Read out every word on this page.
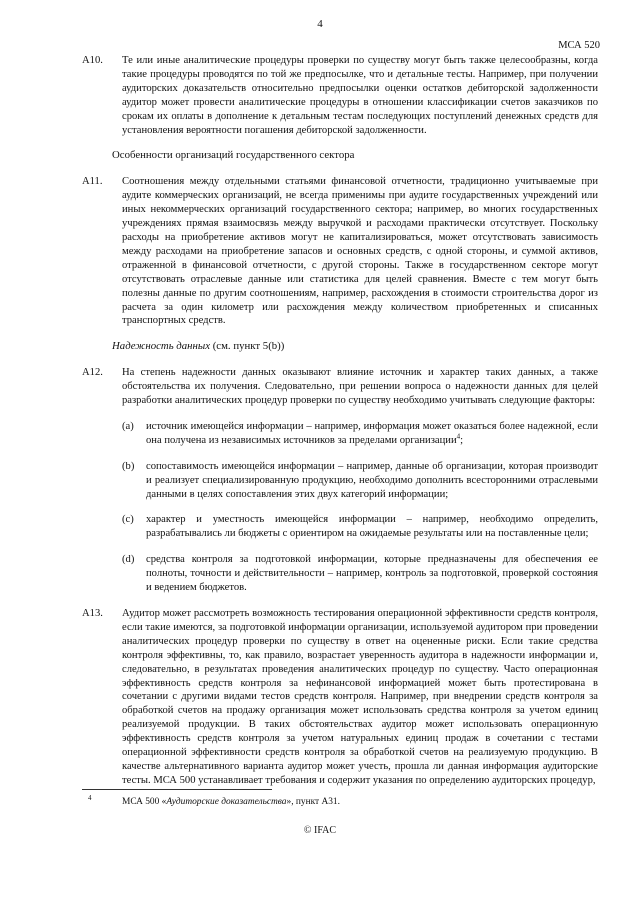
4
МСА 520
A10. Те или иные аналитические процедуры проверки по существу могут быть также целесообразны, когда такие процедуры проводятся по той же предпосылке, что и детальные тесты. Например, при получении аудиторских доказательств относительно предпосылки оценки остатков дебиторской задолженности аудитор может провести аналитические процедуры в отношении классификации счетов заказчиков по срокам их оплаты в дополнение к детальным тестам последующих поступлений денежных средств для установления вероятности погашения дебиторской задолженности.
Особенности организаций государственного сектора
A11. Соотношения между отдельными статьями финансовой отчетности, традиционно учитываемые при аудите коммерческих организаций, не всегда применимы при аудите государственных учреждений или иных некоммерческих организаций государственного сектора; например, во многих государственных учреждениях прямая взаимосвязь между выручкой и расходами практически отсутствует. Поскольку расходы на приобретение активов могут не капитализироваться, может отсутствовать зависимость между расходами на приобретение запасов и основных средств, с одной стороны, и суммой активов, отраженной в финансовой отчетности, с другой стороны. Также в государственном секторе могут отсутствовать отраслевые данные или статистика для целей сравнения. Вместе с тем могут быть полезны данные по другим соотношениям, например, расхождения в стоимости строительства дорог из расчета за один километр или расхождения между количеством приобретенных и списанных транспортных средств.
Надежность данных (см. пункт 5(b))
A12. На степень надежности данных оказывают влияние источник и характер таких данных, а также обстоятельства их получения. Следовательно, при решении вопроса о надежности данных для целей разработки аналитических процедур проверки по существу необходимо учитывать следующие факторы:
(a) источник имеющейся информации – например, информация может оказаться более надежной, если она получена из независимых источников за пределами организации$^4$;
(b) сопоставимость имеющейся информации – например, данные об организации, которая производит и реализует специализированную продукцию, необходимо дополнить всесторонними отраслевыми данными в целях сопоставления этих двух категорий информации;
(c) характер и уместность имеющейся информации – например, необходимо определить, разрабатывались ли бюджеты с ориентиром на ожидаемые результаты или на поставленные цели;
(d) средства контроля за подготовкой информации, которые предназначены для обеспечения ее полноты, точности и действительности – например, контроль за подготовкой, проверкой состояния и ведением бюджетов.
A13. Аудитор может рассмотреть возможность тестирования операционной эффективности средств контроля, если такие имеются, за подготовкой информации организации, используемой аудитором при проведении аналитических процедур проверки по существу в ответ на оцененные риски. Если такие средства контроля эффективны, то, как правило, возрастает уверенность аудитора в надежности информации и, следовательно, в результатах проведения аналитических процедур по существу. Часто операционная эффективность средств контроля за нефинансовой информацией может быть протестирована в сочетании с другими видами тестов средств контроля. Например, при внедрении средств контроля за обработкой счетов на продажу организация может использовать средства контроля за учетом единиц реализуемой продукции. В таких обстоятельствах аудитор может использовать операционную эффективность средств контроля за учетом натуральных единиц продаж в сочетании с тестами операционной эффективности средств контроля за обработкой счетов на реализуемую продукцию. В качестве альтернативного варианта аудитор может учесть, прошла ли данная информация аудиторские тесты. МСА 500 устанавливает требования и содержит указания по определению аудиторских процедур,
4	МСА 500 «Аудиторские доказательства», пункт А31.
© IFAC
